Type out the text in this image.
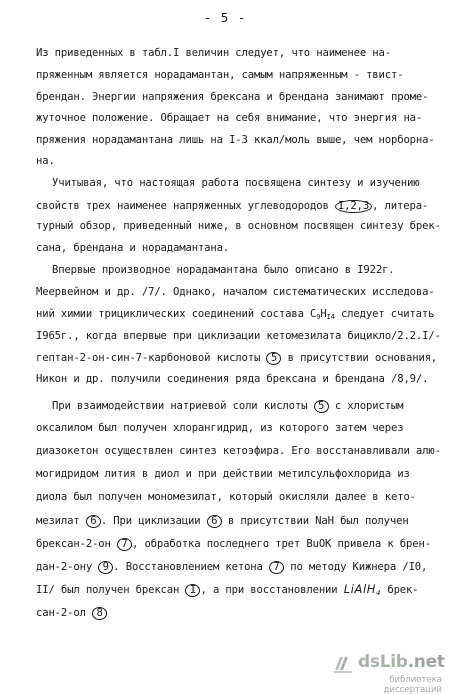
- 5 -
Из приведенных в табл.I величин следует, что наименее на-
пряженным является норадамантан, самым напряженным - твист-
брендан. Энергии напряжения брексана и брендана занимают проме-
жуточное положение. Обращает на себя внимание, что энергия на-
пряжения норадамантана лишь на I-3 ккал/моль выше, чем норборна-
на.
Учитывая, что настоящая работа посвящена синтезу и изучению
свойств трех наименее напряженных углеводородов I,2,3 , литера-
турный обзор, приведенный ниже, в основном посвящен синтезу брек-
сана, брендана и норадамантана.
Впервые производное норадамантана было описано в I922г.
Меервейном и др. /7/. Однако, началом систематических исследова-
ний химии трициклических соединений состава $C_9H_{I4}$ следует считать
I965г., когда впервые при циклизации кетомезилата бицикло/2.2.I/-
гептан-2-он-син-7-карбоновой кислоты 5 в присутствии основания,
Никон и др. получили соединения ряда брексана и брендана /8,9/.
При взаимодействии натриевой соли кислоты 5 с хлористым
оксалилом был получен хлорангидрид, из которого затем через
диазокетон осуществлен синтез кетоэфира. Его восстанавливали алю-
могидридом лития в диол и при действии метилсульфохлорида из
диола был получен мономезилат, который окисляли далее в кето-
мезилат 6 . При циклизации 6 в присутствии NaH был получен
брексан-2-он 7 , обработка последнего трет BuOK привела к брен-
дан-2-ону 9 . Восстановлением кетона 7 по методу Кижнера /I0,
II/ был получен брексан I , а при восстановлении LiAlH$_4$ брек-
сан-2-ол 8
dsLib.net
библиотека диссертаций
